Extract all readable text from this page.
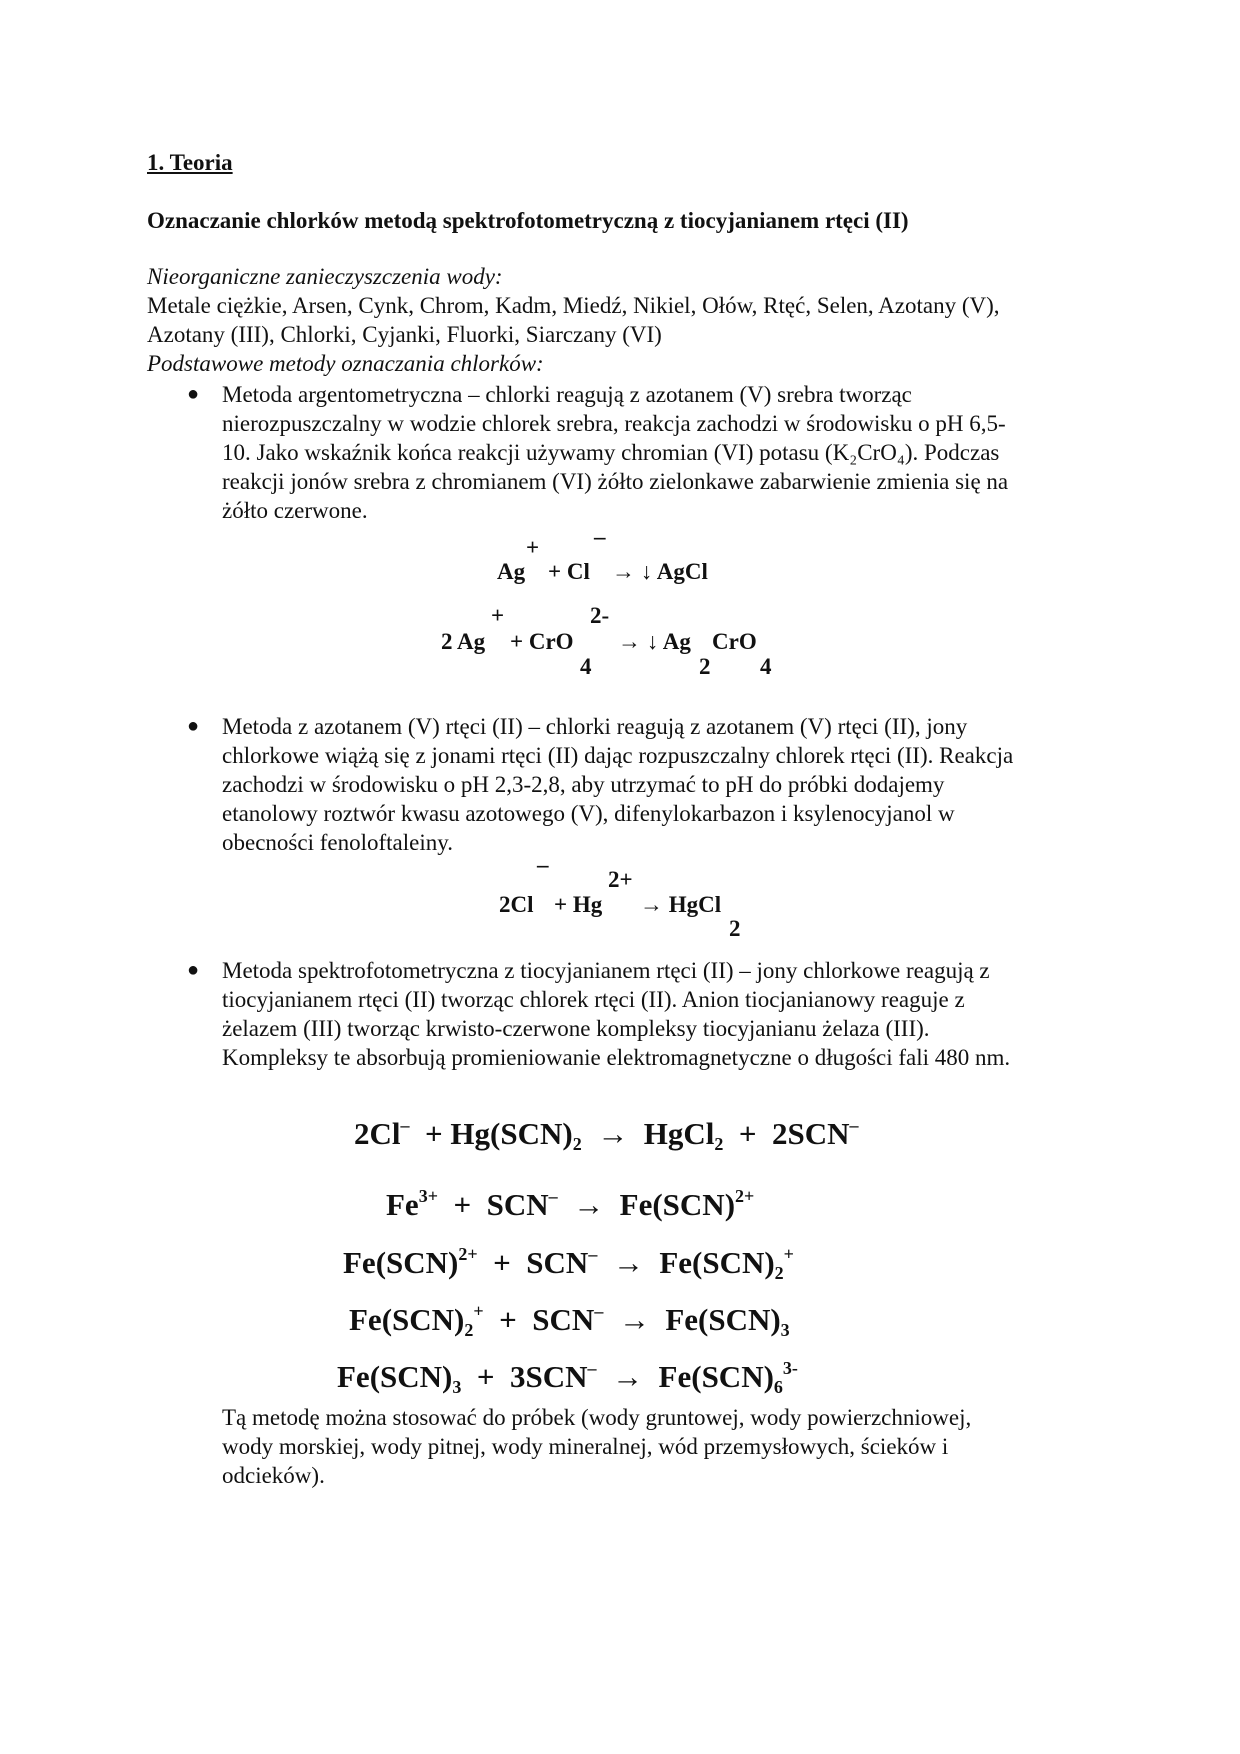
1. Teoria
Oznaczanie chlorków metodą spektrofotometryczną z tiocyjanianem rtęci (II)
Nieorganiczne zanieczyszczenia wody:
Metale ciężkie, Arsen, Cynk, Chrom, Kadm, Miedź, Nikiel, Ołów, Rtęć, Selen, Azotany (V),
Azotany (III), Chlorki, Cyjanki, Fluorki, Siarczany (VI)
Podstawowe metody oznaczania chlorków:
● Metoda argentometryczna – chlorki reagują z azotanem (V) srebra tworząc
nierozpuszczalny w wodzie chlorek srebra, reakcja zachodzi w środowisku o pH 6,5-
10. Jako wskaźnik końca reakcji używamy chromian (VI) potasu (K₂CrO₄). Podczas
reakcji jonów srebra z chromianem (VI) żółto zielonkawe zabarwienie zmienia się na
żółto czerwone.
+ –
Ag + Cl → ↓ AgCl
+	2-
2 Ag + CrO
4
→ ↓ Ag
2
CrO
4
● Metoda z azotanem (V) rtęci (II) – chlorki reagują z azotanem (V) rtęci (II), jony
chlorkowe wiążą się z jonami rtęci (II) dając rozpuszczalny chlorek rtęci (II). Reakcja
zachodzi w środowisku o pH 2,3-2,8, aby utrzymać to pH do próbki dodajemy
etanolowy roztwór kwasu azotowego (V), difenylokarbazon i ksylenocyjanol w
obecności fenoloftaleiny.
–
2+
2Cl + Hg → HgCl
2
● Metoda spektrofotometryczna z tiocyjanianem rtęci (II) – jony chlorkowe reagują z
tiocyjanianem rtęci (II) tworząc chlorek rtęci (II). Anion tiocjanianowy reaguje z
żelazem (III) tworząc krwisto-czerwone kompleksy tiocyjanianu żelaza (III).
Kompleksy te absorbują promieniowanie elektromagnetyczne o długości fali 480 nm.
$2Cl^- + Hg(SCN)_2$  →  HgCl$_2$  +  2SCN–
$Fe^{3+} + SCN^- \to Fe(SCN)^{2+}$
$Fe(SCN)^{2+} + SCN^- \to Fe(SCN)_2^+$
$Fe(SCN)_2^+ + SCN^- \to Fe(SCN)_3$
$Fe(SCN)_3 + 3SCN^- \to Fe(SCN)_6^{3-}$
Tą metodę można stosować do próbek (wody gruntowej, wody powierzchniowej,
wody morskiej, wody pitnej, wody mineralnej, wód przemysłowych, ścieków i
odcieków).
